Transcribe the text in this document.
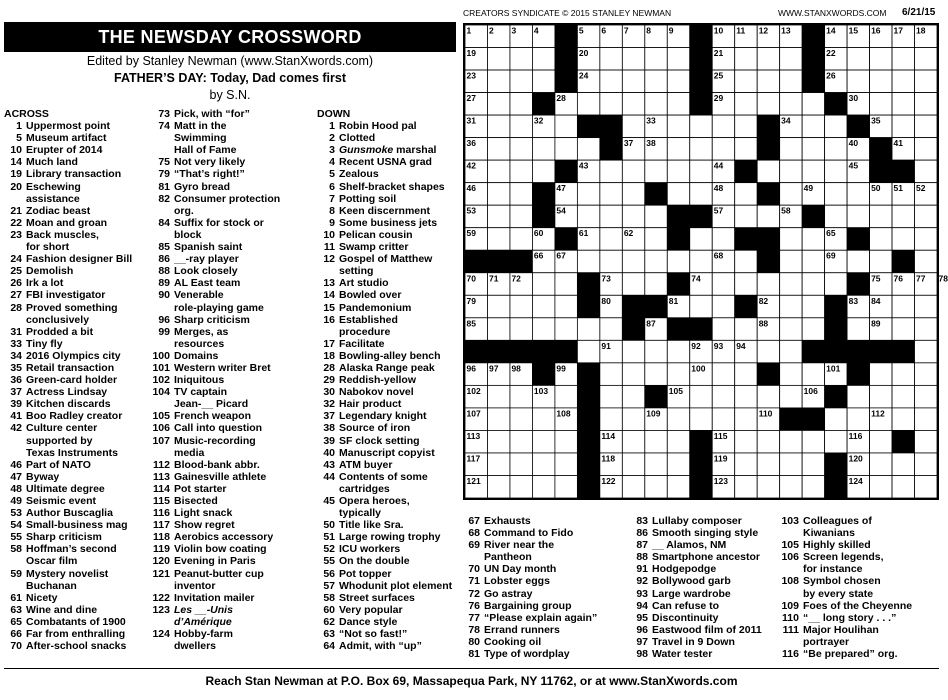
CREATORS SYNDICATE © 2015 STANLEY NEWMAN	WWW.STANXWORDS.COM 6/21/15
THE NEWSDAY CROSSWORD
Edited by Stanley Newman (www.StanXwords.com)
FATHER’S DAY: Today, Dad comes first
by S.N.
ACROSS
1 Uppermost point
5 Museum artifact
10 Erupter of 2014
14 Much land
19 Library transaction
20 Eschewing
assistance
21 Zodiac beast
22 Moan and groan
23 Back muscles,
for short
24 Fashion designer Bill
25 Demolish
26 Irk a lot
27 FBI investigator
28 Proved something
conclusively
31 Prodded a bit
33 Tiny fly
34 2016 Olympics city
35 Retail transaction
36 Green-card holder
37 Actress Lindsay
39 Kitchen discards
41 Boo Radley creator
42 Culture center
supported by
Texas Instruments
46 Part of NATO
47 Byway
48 Ultimate degree
49 Seismic event
53 Author Buscaglia
54 Small-business mag
55 Sharp criticism
58 Hoffman’s second
Oscar film
59 Mystery novelist
Buchanan
61 Nicety
63 Wine and dine
65 Combatants of 1900
66 Far from enthralling
70 After-school snacks
73 Pick, with “for”
74 Matt in the
Swimming
Hall of Fame
75 Not very likely
79 “That’s right!”
81 Gyro bread
82 Consumer protection
org.
84 Suffix for stock or
block
85 Spanish saint
86 __-ray player
88 Look closely
89 AL East team
90 Venerable
role-playing game
96 Sharp criticism
99 Merges, as
resources
100 Domains
101 Western writer Bret
102 Iniquitous
104 TV captain
Jean-__ Picard
105 French weapon
106 Call into question
107 Music-recording
media
112 Blood-bank abbr.
113 Gainesville athlete
114 Pot starter
115 Bisected
116 Light snack
117 Show regret
118 Aerobics accessory
119 Violin bow coating
120 Evening in Paris
121 Peanut-butter cup
inventor
122 Invitation mailer
123 Les __-Unis
d’Amérique
124 Hobby-farm
dwellers
DOWN
1 Robin Hood pal
2 Clotted
3 Gunsmoke marshal
4 Recent USNA grad
5 Zealous
6 Shelf-bracket shapes
7 Potting soil
8 Keen discernment
9 Some business jets
10 Pelican cousin
11 Swamp critter
12 Gospel of Matthew
setting
13 Art studio
14 Bowled over
15 Pandemonium
16 Established
procedure
17 Facilitate
18 Bowling-alley bench
28 Alaska Range peak
29 Reddish-yellow
30 Nabokov novel
32 Hair product
37 Legendary knight
38 Source of iron
39 SF clock setting
40 Manuscript copyist
43 ATM buyer
44 Contents of some
cartridges
45 Opera heroes,
typically
50 Title like Sra.
51 Large rowing trophy
52 ICU workers
55 On the double
56 Pot topper
57 Whodunit plot element
58 Street surfaces
60 Very popular
62 Dance style
63 “Not so fast!”
64 Admit, with “up”
67 Exhausts
68 Command to Fido
69 River near the
Pantheon
70 UN Day month
71 Lobster eggs
72 Go astray
76 Bargaining group
77 “Please explain again”
78 Errand runners
80 Cooking oil
81 Type of wordplay
83 Lullaby composer
86 Smooth singing style
87 __ Alamos, NM
88 Smartphone ancestor
91 Hodgepodge
92 Bollywood garb
93 Large wardrobe
94 Can refuse to
95 Discontinuity
96 Eastwood film of 2011
97 Travel in 9 Down
98 Water tester
103 Colleagues of
Kiwanians
105 Highly skilled
106 Screen legends,
for instance
108 Symbol chosen
by every state
109 Foes of the Cheyenne
110 “__ long story . . .”
111 Major Houlihan
portrayer
116 “Be prepared” org.
1 2 3 4	5 6 7 8 9	10 11 12 13	14 15 16 17 18
19	20	21	22
23	24	25	26
27	28	29	30
31	32	33	34	35
36	37 38	39	40	41
42	43	44	45
46	47	48	49	50 51 52
53	54	55 56 57	58
59	60	61	62	63 64	65
66 67	68	69
70 71 72	73	74	75 76 77 78
79	80	81	82	83 84
85	86 87	88	89
90	91	92 93 94	95
96 97 98	99	100	101
102	103	104	105	106
107	108	109	110 111	112
113	114	115	116
117	118	119	120
121	122	123	124
Reach Stan Newman at P.O. Box 69, Massapequa Park, NY 11762, or at www.StanXwords.com
